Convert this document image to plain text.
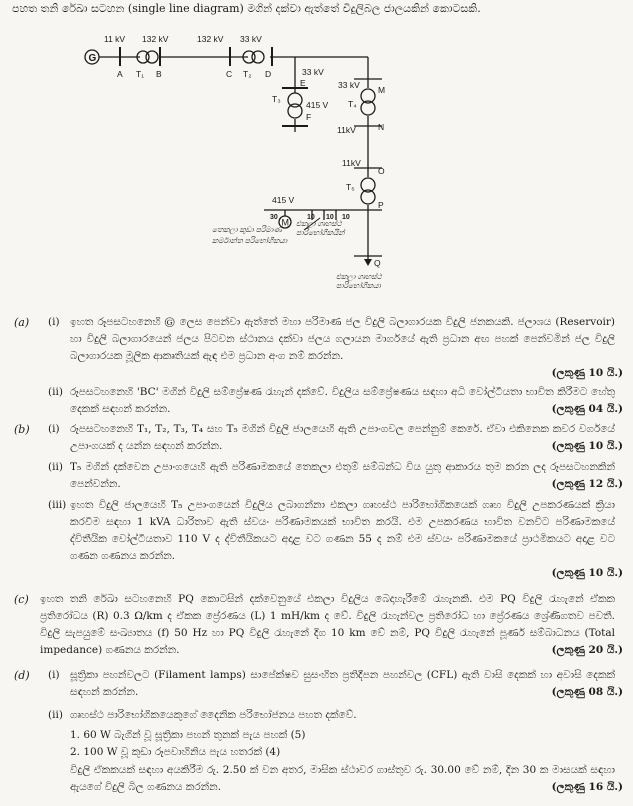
පහත තනි රේඛා සටහන (single line diagram) මගින් දක්වා ඇත්තේ විදුලිබල ජාලයකින් කොටසකි.
G
M
11 kV 132 kV	132 kV 33 kV
A T₁ B	C T₂ D	33 kV
E
T₃
415 V
F
33 kV M
T₄
11kV	N
11kV
O
T₅
415 V	P
Q
30	10 10 10
තෙකලා කුඩා පරිමාණ
කර්මාන්ත පරිභෝගිකයා
එකලා ගෘහස්ථ
පාරිභෝගිකයින්
එකලා ගෘහස්ථ
පාරිභෝගිකයා
(a) (i) ඉහත රූපසටහනෙහි Ⓖ ලෙස පෙන්වා ඇත්තේ මහා පරිමාණ ජල විදුලි බලාගාරයක විදුලි ජනකයකි. ජලාශය (Reservoir) හා විදුලි බලාගාරයෙන් ජලය පිටවන ස්ථානය දක්වා ජලය ගලායන මාර්ගයේ ඇති ප්‍රධාන අඟ පහක් පෙන්වමින් ජල විදුලි බලාගාරයක මූලික ආකෘතියක් ඇඳ එම ප්‍රධාන අංග නම් කරන්න.

(ලකුණු 10 යි.)
(ii) රූපසටහනෙහි 'BC' මගින් විදුලි සම්ප්‍රේෂණ රැහැන් දක්වේ. විදුලිය සම්ප්‍රේෂණය සඳහා අධි වෝල්ටීයතා භාවිත කිරීමට හේතු දෙකක් සඳහන් කරන්න.	(ලකුණු 04 යි.)
(b) (i) රූපසටහනෙහි T₁, T₂, T₃, T₄ සහ T₅ මගින් විදුලි ජාලයෙහි ඇති උපාංගවල පෙන්නුම් කෙරේ. ඒවා එකිනෙක කවර වර්ගයේ උපාංගයක් ද යන්න සඳහන් කරන්න.	(ලකුණු 10 යි.)
(ii) T₅ මගින් දක්වෙන උපාංගයෙහි ඇති පරිණාමකයේ තෙකලා එතුම් සම්බන්ධ විය යුතු ආකාරය තුම කරන ලද රූපසටහනකින් පෙන්වන්න.	(ලකුණු 12 යි.)
(iii) ඉහත විදුලි ජාලයෙහි T₅ උපාංගයෙන් විදුලිය ලබාගන්නා එකලා ගෘහස්ථ පාරිභෝගිකයෙක් ගෘහ විදුලි උපකරණයක් ක්‍රියා කරවීම සඳහා 1 kVA ධාරිතාව ඇති ස්වයං පරිණාමකයක් භාවිත කරයි. එම උපකරණය භාවිත වනවිට පරිණාමකයේ ද්විතීයික වෝල්ටීයතාව 110 V ද ද්විතීයිකයට අදාළ වට ගණන 55 ද නම් එම ස්වයං පරිණාමකයේ ප්‍රාථමිකයට අදාළ වට ගණන ගණනය කරන්න.

(ලකුණු 10 යි.)
(c) ඉහත තනි රේඛා සටහනෙහි PQ කොටසින් දක්වෙනුයේ එකලා විදුලිය බෙදාහැරීමේ රැහැනකි. එම PQ විදුලි රැහැනේ ඒකක ප්‍රතිරෝධය (R) 0.3 Ω/km ද ඒකක ප්‍රේරණය (L) 1 mH/km ද වේ. විදුලි රැහැන්වල ප්‍රතිරෝධ හා ප්‍රේරණය ශ්‍රේණිගතව පවතී. විදුලි සැපයුමේ සංඛ්‍යාතය (f) 50 Hz හා PQ විදුලි රැහැනේ දිග 10 km වේ නම්, PQ විදුලි රැහැනේ පූර්ණ සම්බාධනය (Total impedance) ගණනය කරන්න.	(ලකුණු 20 යි.)
(d) (i) සූත්‍රිකා පහන්වලට (Filament lamps) සාපේක්ෂව සුසංහිත ප්‍රතිදීපන පහන්වල (CFL) ඇති වාසි දෙකක් හා අවාසි දෙකක් සඳහන් කරන්න.	(ලකුණු 08 යි.)
(ii) ගෘහස්ථ පාරිභෝගිකයෙකුගේ දෛනික පරිභෝජනය පහත දක්වේ.
1. 60 W බැගින් වූ සූත්‍රිකා පහන් තුනක් පැය පහක් (5)
2. 100 W වූ කුඩා රූපවාහිනිය පැය හතරක් (4)

විදුලි ඒකකයක් සඳහා අයකිරීම රු. 2.50 ක් වන අතර, මාසික ස්ථාවර ගාස්තුව රු. 30.00 වේ නම්, දින 30 ක මාසයක් සඳහා ඇයගේ විදුලි බිල ගණනය කරන්න.	(ලකුණු 16 යි.)
